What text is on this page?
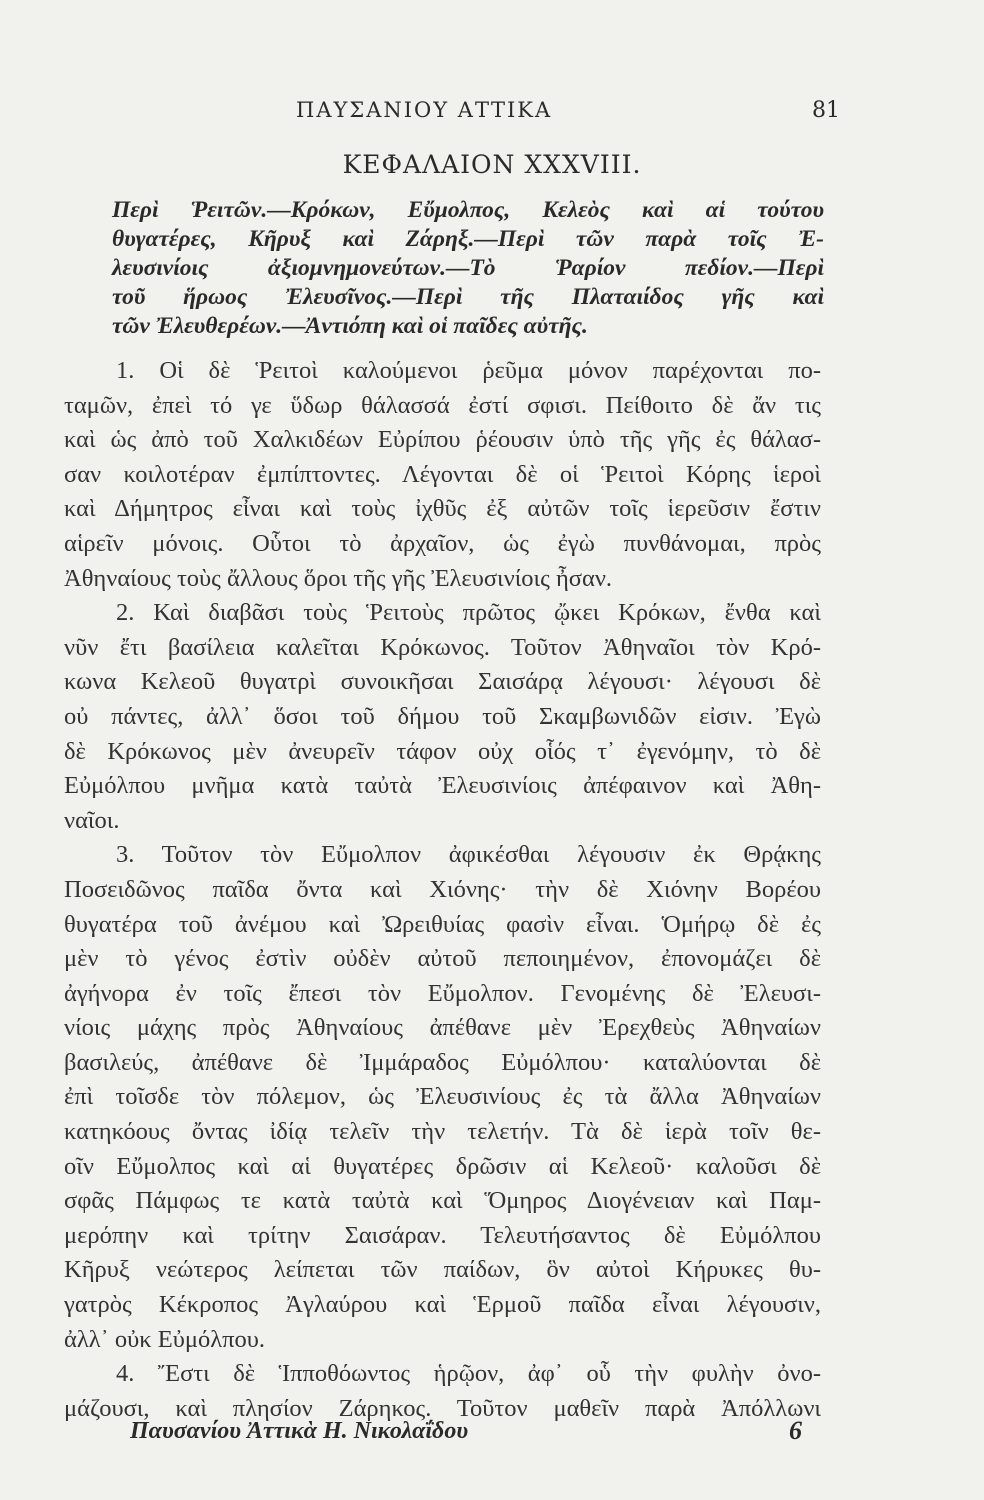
ΠΑΥΣΑΝΙΟΥ ΑΤΤΙΚΑ	81
ΚΕΦΑΛΑΙΟΝ XXXVIII.
Περὶ Ῥειτῶν.—Κρόκων, Εὔμολπος, Κελεὸς καὶ αἱ τούτου
θυγατέρες, Κῆρυξ καὶ Ζάρηξ.—Περὶ τῶν παρὰ τοῖς Ἐ-
λευσινίοις ἀξιομνημονεύτων.—Τὸ Ῥαρίον πεδίον.—Περὶ
τοῦ ἥρωος Ἐλευσῖνος.—Περὶ τῆς Πλαταιίδος γῆς καὶ
τῶν Ἐλευθερέων.—Ἀντιόπη καὶ οἱ παῖδες αὐτῆς.
1. Οἱ δὲ Ῥειτοὶ καλούμενοι ῥεῦμα μόνον παρέχονται πο-
ταμῶν, ἐπεὶ τό γε ὕδωρ θάλασσά ἐστί σφισι. Πείθοιτο δὲ ἄν τις
καὶ ὡς ἀπὸ τοῦ Χαλκιδέων Εὐρίπου ῥέουσιν ὑπὸ τῆς γῆς ἐς θάλασ-
σαν κοιλοτέραν ἐμπίπτοντες. Λέγονται δὲ οἱ Ῥειτοὶ Κόρης ἱεροὶ
καὶ Δήμητρος εἶναι καὶ τοὺς ἰχθῦς ἐξ αὐτῶν τοῖς ἱερεῦσιν ἔστιν
αἱρεῖν μόνοις. Οὗτοι τὸ ἀρχαῖον, ὡς ἐγὼ πυνθάνομαι, πρὸς
Ἀθηναίους τοὺς ἄλλους ὅροι τῆς γῆς Ἐλευσινίοις ἦσαν.
2. Καὶ διαβᾶσι τοὺς Ῥειτοὺς πρῶτος ᾤκει Κρόκων, ἔνθα καὶ
νῦν ἔτι βασίλεια καλεῖται Κρόκωνος. Τοῦτον Ἀθηναῖοι τὸν Κρό-
κωνα Κελεοῦ θυγατρὶ συνοικῆσαι Σαισάρᾳ λέγουσι· λέγουσι δὲ
οὐ πάντες, ἀλλ᾽ ὅσοι τοῦ δήμου τοῦ Σκαμβωνιδῶν εἰσιν. Ἐγὼ
δὲ Κρόκωνος μὲν ἀνευρεῖν τάφον οὐχ οἷός τ᾽ ἐγενόμην, τὸ δὲ
Εὐμόλπου μνῆμα κατὰ ταὐτὰ Ἐλευσινίοις ἀπέφαινον καὶ Ἀθη-
ναῖοι.
3. Τοῦτον τὸν Εὔμολπον ἀφικέσθαι λέγουσιν ἐκ Θρᾴκης
Ποσειδῶνος παῖδα ὄντα καὶ Χιόνης· τὴν δὲ Χιόνην Βορέου
θυγατέρα τοῦ ἀνέμου καὶ Ὠρειθυίας φασὶν εἶναι. Ὁμήρῳ δὲ ἐς
μὲν τὸ γένος ἐστὶν οὐδὲν αὐτοῦ πεποιημένον, ἐπονομάζει δὲ
ἀγήνορα ἐν τοῖς ἔπεσι τὸν Εὔμολπον. Γενομένης δὲ Ἐλευσι-
νίοις μάχης πρὸς Ἀθηναίους ἀπέθανε μὲν Ἐρεχθεὺς Ἀθηναίων
βασιλεύς, ἀπέθανε δὲ Ἰμμάραδος Εὐμόλπου· καταλύονται δὲ
ἐπὶ τοῖσδε τὸν πόλεμον, ὡς Ἐλευσινίους ἐς τὰ ἄλλα Ἀθηναίων
κατηκόους ὄντας ἰδίᾳ τελεῖν τὴν τελετήν. Τὰ δὲ ἱερὰ τοῖν θε-
οῖν Εὔμολπος καὶ αἱ θυγατέρες δρῶσιν αἱ Κελεοῦ· καλοῦσι δὲ
σφᾶς Πάμφως τε κατὰ ταὐτὰ καὶ Ὅμηρος Διογένειαν καὶ Παμ-
μερόπην καὶ τρίτην Σαισάραν. Τελευτήσαντος δὲ Εὐμόλπου
Κῆρυξ νεώτερος λείπεται τῶν παίδων, ὃν αὐτοὶ Κήρυκες θυ-
γατρὸς Κέκροπος Ἀγλαύρου καὶ Ἑρμοῦ παῖδα εἶναι λέγουσιν,
ἀλλ᾽ οὐκ Εὐμόλπου.
4. Ἔστι δὲ Ἱπποθόωντος ἡρῷον, ἀφ᾽ οὗ τὴν φυλὴν ὀνο-
μάζουσι, καὶ πλησίον Ζάρηκος. Τοῦτον μαθεῖν παρὰ Ἀπόλλωνι
Παυσανίου Ἀττικὰ Η. Νικολαΐδου	6
